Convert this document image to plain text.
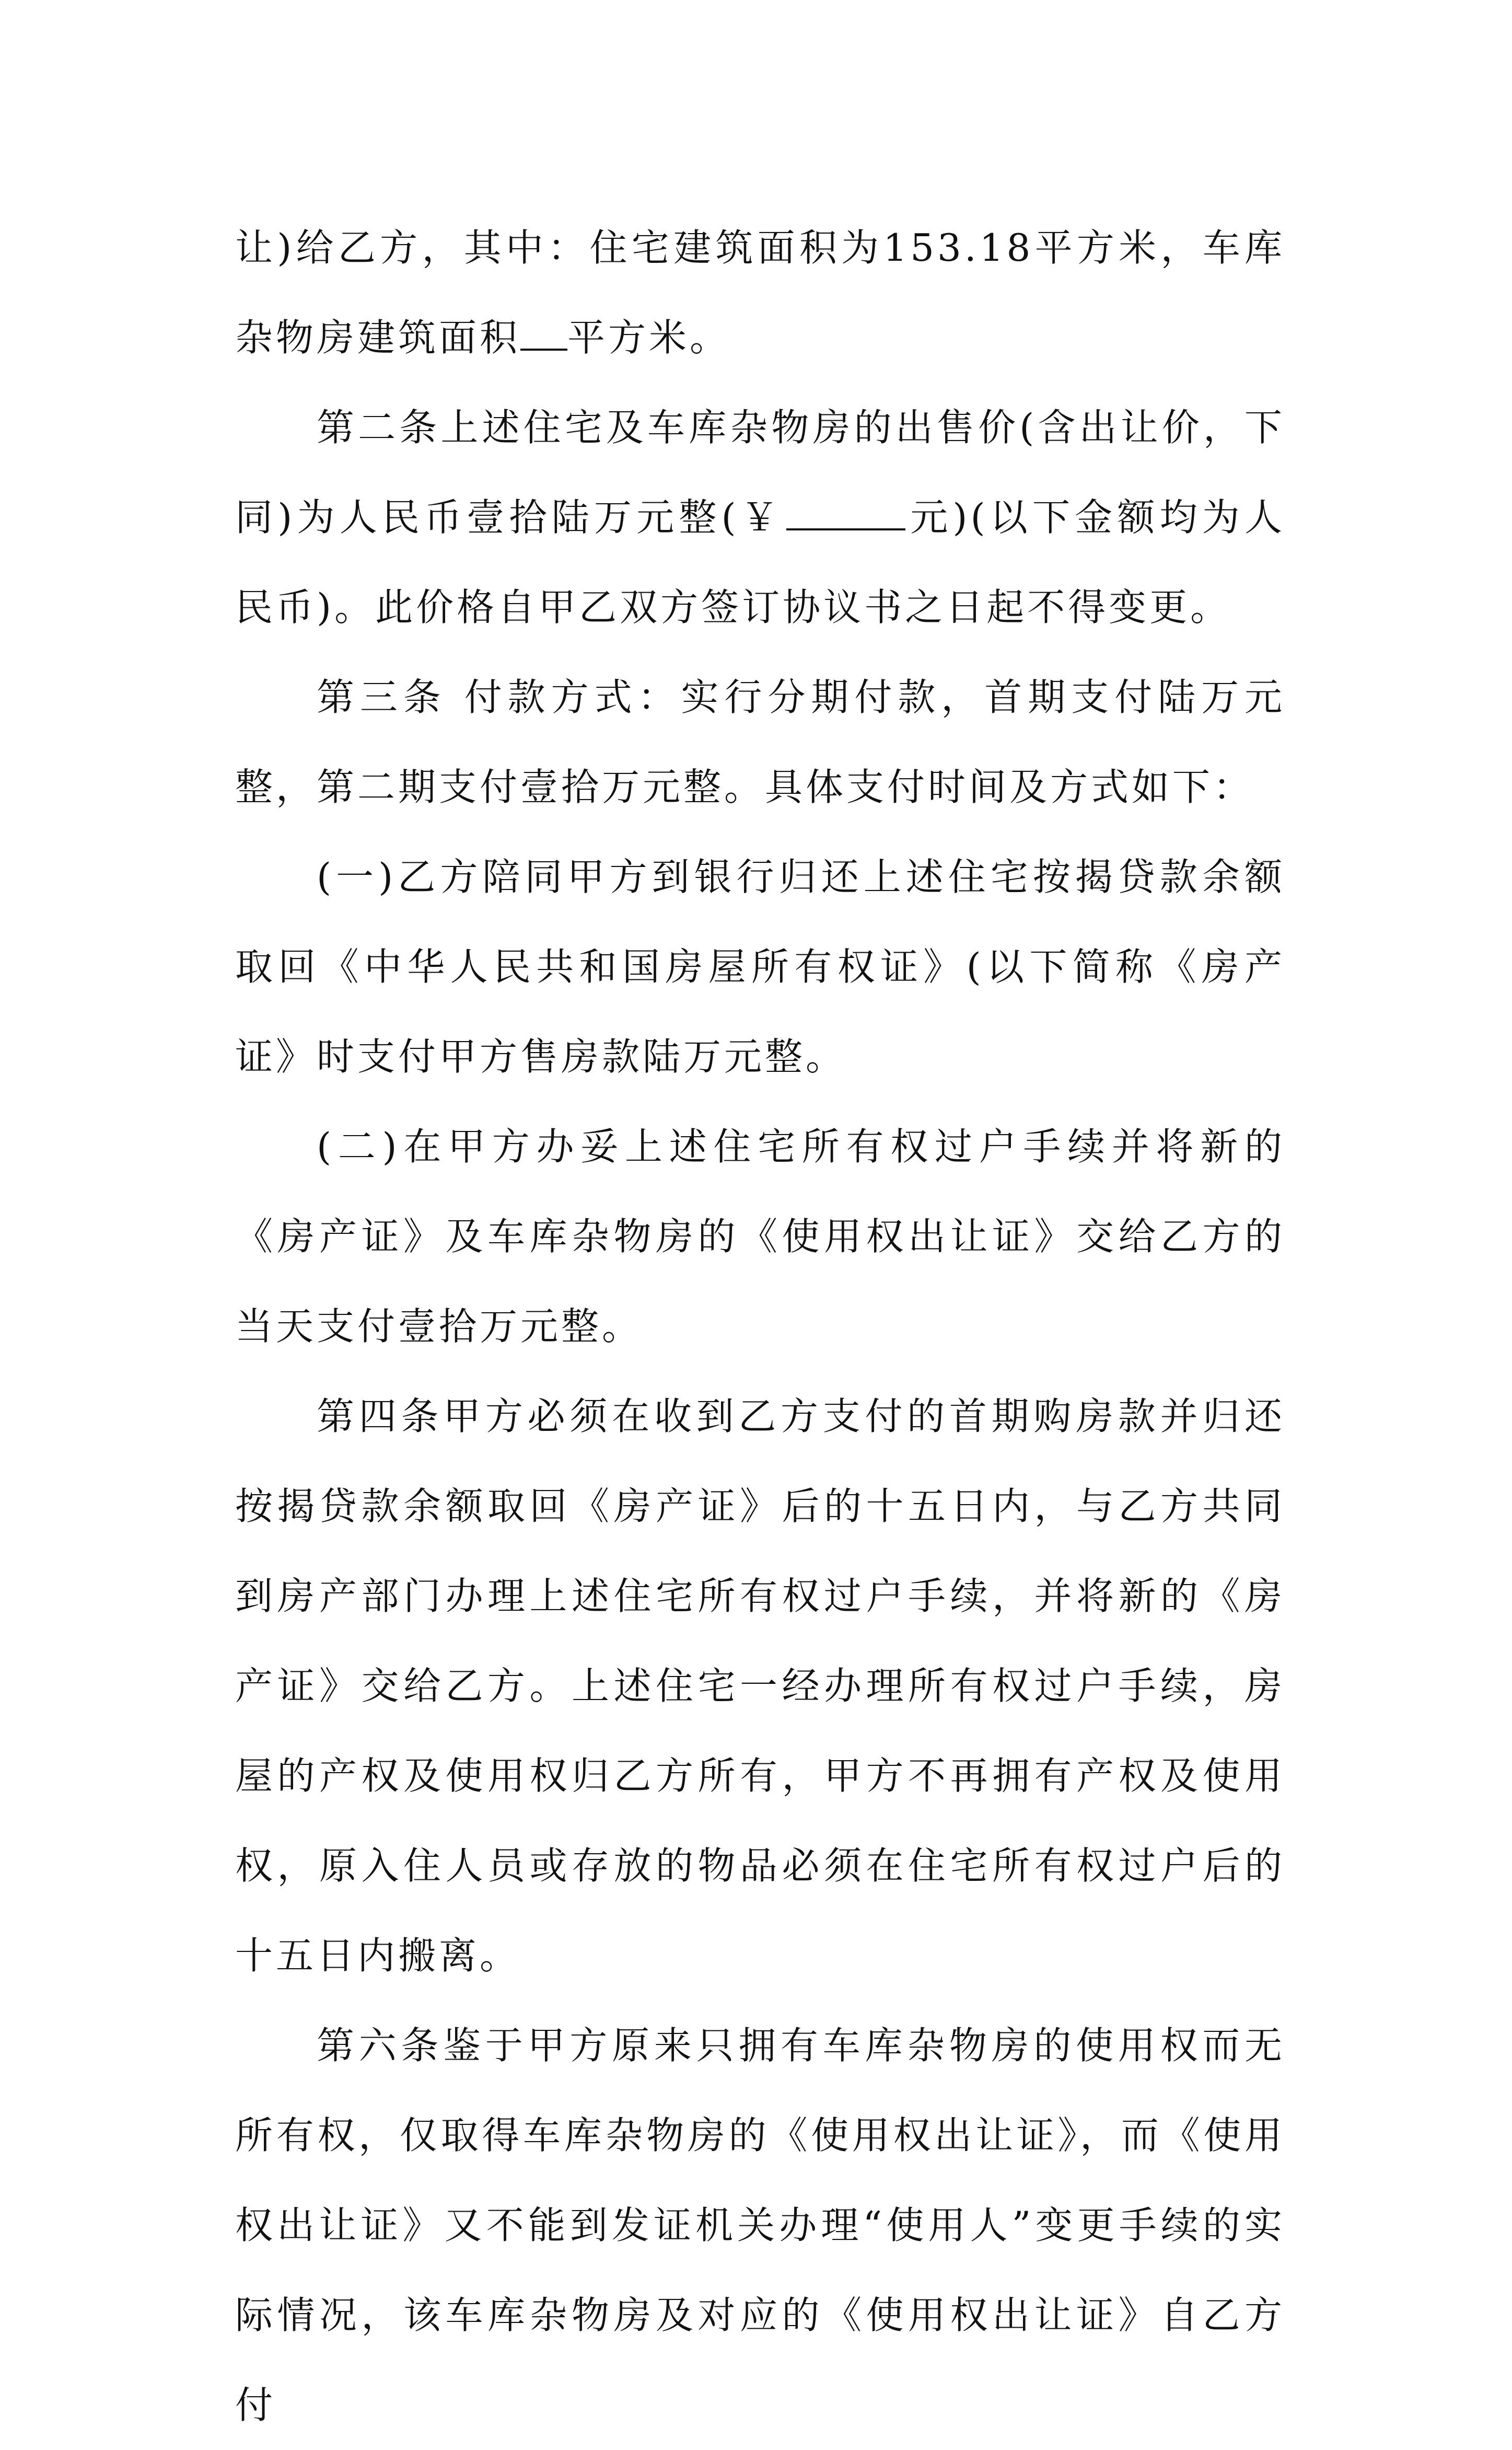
让)给乙方，其中：住宅建筑面积为153.18平方米，车库杂物房建筑面积 平方米。

第二条上述住宅及车库杂物房的出售价(含出让价，下同)为人民币壹拾陆万元整(￥	元)(以下金额均为人民币)。此价格自甲乙双方签订协议书之日起不得变更。

第三条 付款方式：实行分期付款，首期支付陆万元整，第二期支付壹拾万元整。具体支付时间及方式如下：

(一)乙方陪同甲方到银行归还上述住宅按揭贷款余额取回《中华人民共和国房屋所有权证》(以下简称《房产证》时支付甲方售房款陆万元整。

(二)在甲方办妥上述住宅所有权过户手续并将新的《房产证》及车库杂物房的《使用权出让证》交给乙方的当天支付壹拾万元整。

第四条甲方必须在收到乙方支付的首期购房款并归还按揭贷款余额取回《房产证》后的十五日内，与乙方共同到房产部门办理上述住宅所有权过户手续，并将新的《房产证》交给乙方。上述住宅一经办理所有权过户手续，房屋的产权及使用权归乙方所有，甲方不再拥有产权及使用权，原入住人员或存放的物品必须在住宅所有权过户后的十五日内搬离。

第六条鉴于甲方原来只拥有车库杂物房的使用权而无所有权，仅取得车库杂物房的《使用权出让证》，而《使用权出让证》又不能到发证机关办理“使用人”变更手续的实际情况，该车库杂物房及对应的《使用权出让证》自乙方付
